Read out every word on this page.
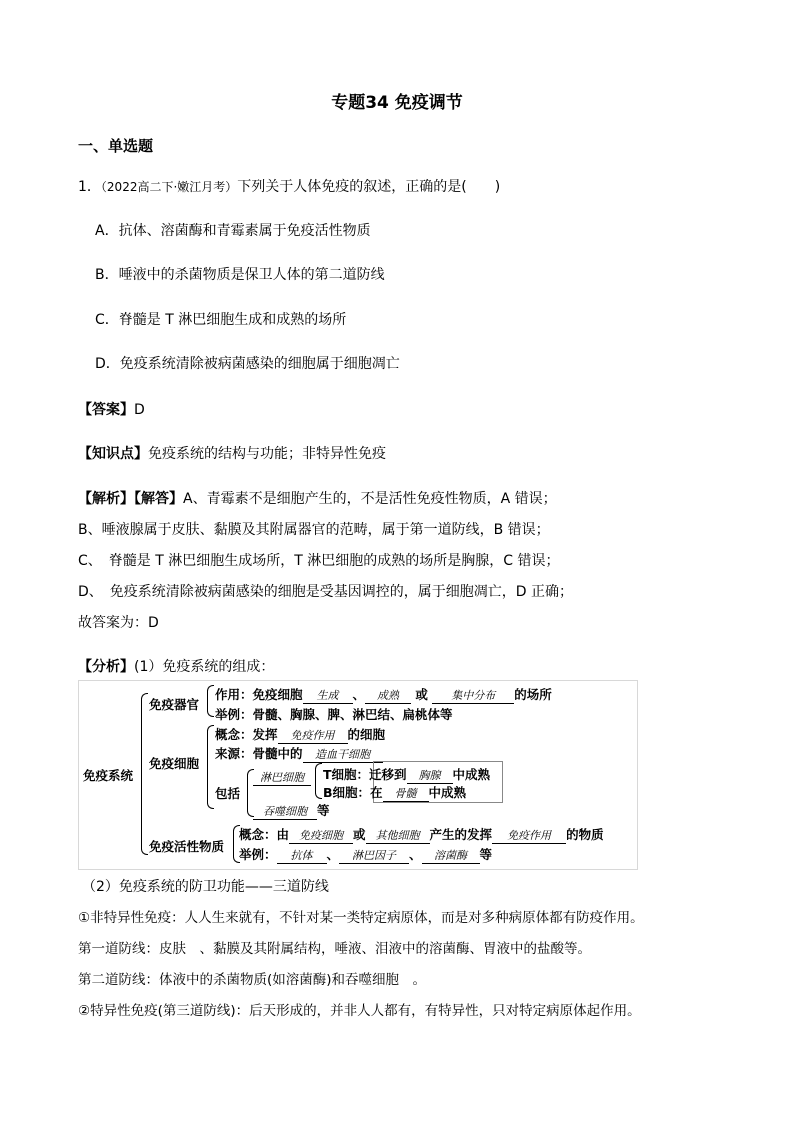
专题34 免疫调节
一、单选题
1．（2022高二下·嫩江月考）下列关于人体免疫的叙述，正确的是(　　)
A．抗体、溶菌酶和青霉素属于免疫活性物质
B．唾液中的杀菌物质是保卫人体的第二道防线
C．脊髓是 T 淋巴细胞生成和成熟的场所
D．免疫系统清除被病菌感染的细胞属于细胞凋亡
【答案】D
【知识点】免疫系统的结构与功能；非特异性免疫
【解析】【解答】A、青霉素不是细胞产生的，不是活性免疫性物质，A 错误；
B、唾液腺属于皮肤、黏膜及其附属器官的范畴，属于第一道防线，B 错误；
C、　脊髓是 T 淋巴细胞生成场所，T 淋巴细胞的成熟的场所是胸腺，C 错误；
D、　免疫系统清除被病菌感染的细胞是受基因调控的，属于细胞凋亡，D 正确；
故答案为：D
【分析】(1）免疫系统的组成：
免疫系统
免疫器官
作用：免疫细胞 生成 、 成熟 或 集中分布 的场所
举例：骨髓、胸腺、脾、淋巴结、扁桃体等
免疫细胞
概念：发挥 免疫作用 的细胞
来源：骨髓中的 造血干细胞
包括
淋巴细胞	T细胞：迁移到 胸腺 中成熟
B细胞：在 骨髓 中成熟
吞噬细胞 等
免疫活性物质
概念：由 免疫细胞 或 其他细胞 产生的发挥 免疫作用 的物质
举例： 抗体 、 淋巴因子 、 溶菌酶 等
（2）免疫系统的防卫功能——三道防线
①非特异性免疫：人人生来就有，不针对某一类特定病原体，而是对多种病原体都有防疫作用。
第一道防线：皮肤　、黏膜及其附属结构，唾液、泪液中的溶菌酶、胃液中的盐酸等。
第二道防线：体液中的杀菌物质(如溶菌酶)和吞噬细胞　。
②特异性免疫(第三道防线)：后天形成的，并非人人都有，有特异性，只对特定病原体起作用。
